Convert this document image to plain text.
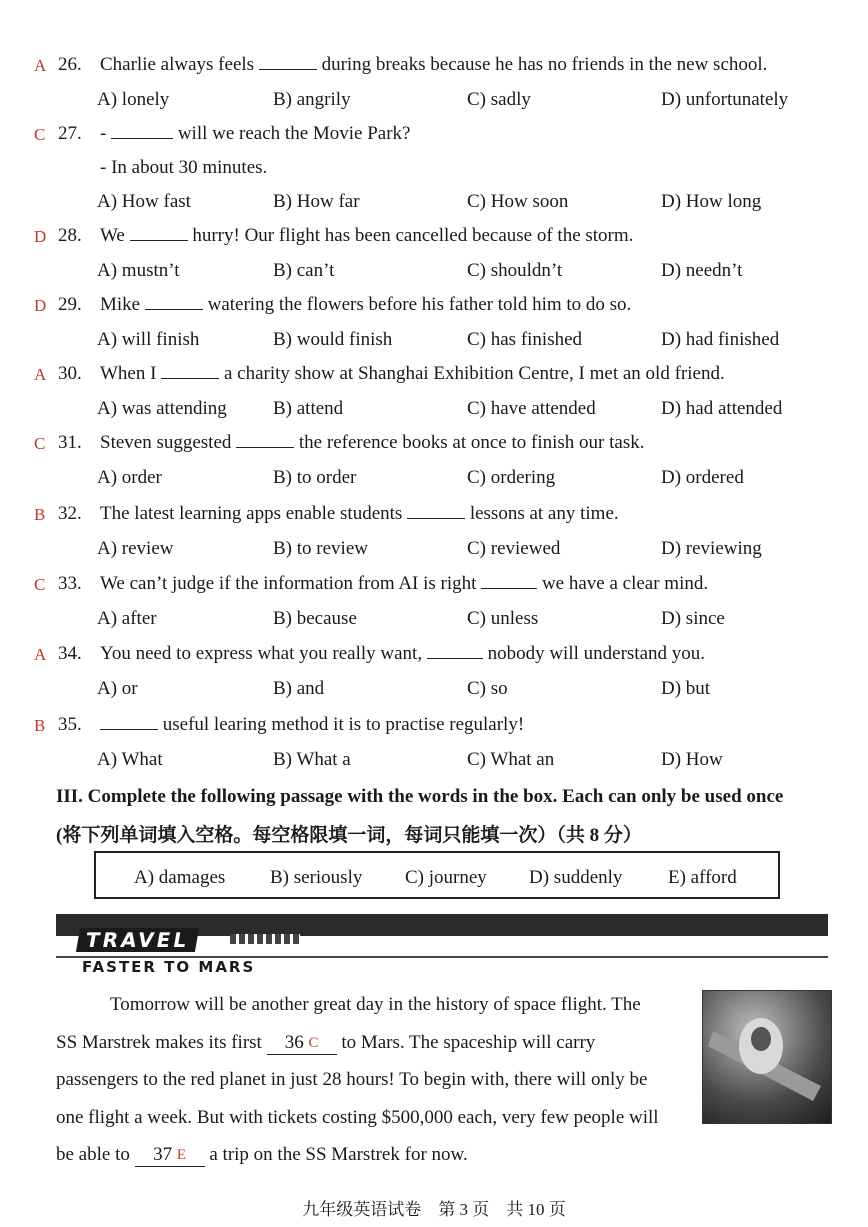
A 26. Charlie always feels	during breaks because he has no friends in the new school.
A) lonely	B) angrily	C) sadly	D) unfortunately
C 27. -	will we reach the Movie Park?
- In about 30 minutes.
A) How fast	B) How far	C) How soon	D) How long
D 28. We	hurry! Our flight has been cancelled because of the storm.
A) mustn’t	B) can’t	C) shouldn’t	D) needn’t
D 29. Mike	watering the flowers before his father told him to do so.
A) will finish	B) would finish	C) has finished	D) had finished
A 30. When I	a charity show at Shanghai Exhibition Centre, I met an old friend.
A) was attending B) attend	C) have attended	D) had attended
C 31. Steven suggested	the reference books at once to finish our task.
A) order	B) to order	C) ordering	D) ordered
B 32. The latest learning apps enable students	lessons at any time.
A) review	B) to review	C) reviewed	D) reviewing
C 33. We can’t judge if the information from AI is right	we have a clear mind.
A) after	B) because	C) unless	D) since
A 34. You need to express what you really want,	nobody will understand you.
A) or	B) and	C) so	D) but
B 35.	useful learing method it is to practise regularly!
A) What	B) What a	C) What an	D) How
III. Complete the following passage with the words in the box. Each can only be used once
(将下列单词填入空格。每空格限填一词，每词只能填一次）（共 8 分）
A) damages B) seriously C) journey D) suddenly E) afford
TRAVEL
FASTER TO MARS
Tomorrow will be another great day in the history of space flight. The
SS Marstrek makes its first 36 $^C$ to Mars. The spaceship will carry
passengers to the red planet in just 28 hours! To begin with, there will only be
one flight a week. But with tickets costing $500,000 each, very few people will
be able to 37 $^E$ a trip on the SS Marstrek for now.
九年级英语试卷　第 3 页　共 10 页
